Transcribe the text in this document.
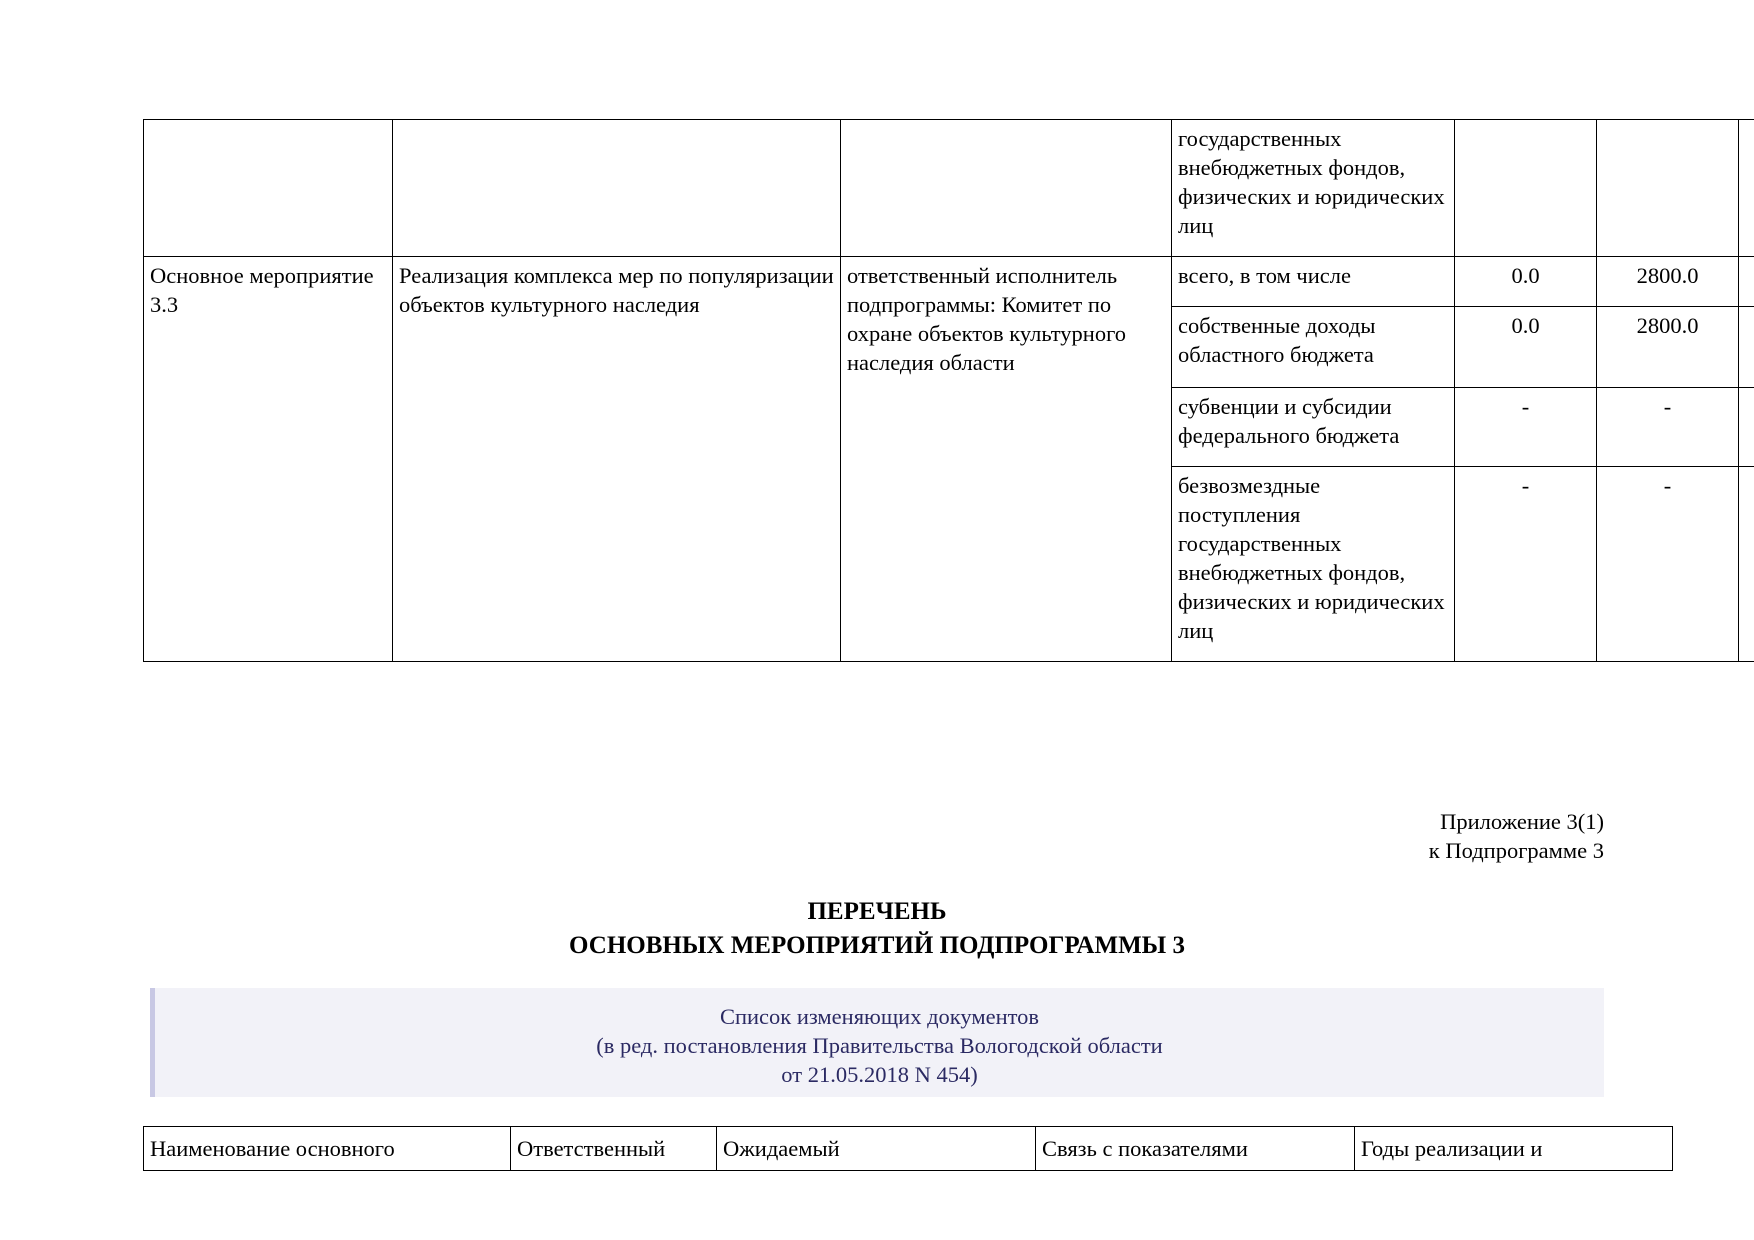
			государственных внебюджетных фондов, физических и юридических лиц			
Основное мероприятие 3.3	Реализация комплекса мер по популяризации объектов культурного наследия	ответственный исполнитель подпрограммы: Комитет по охране объектов культурного наследия области	всего, в том числе	0.0	2800.0	
			собственные доходы областного бюджета	0.0	2800.0	
			субвенции и субсидии федерального бюджета	-	-	
			безвозмездные поступления государственных внебюджетных фондов, физических и юридических лиц	-	-	
Приложение 3(1)
к Подпрограмме 3
ПЕРЕЧЕНЬ
ОСНОВНЫХ МЕРОПРИЯТИЙ ПОДПРОГРАММЫ 3
Список изменяющих документов
(в ред. постановления Правительства Вологодской области
от 21.05.2018 N 454)
Наименование основного	Ответственный	Ожидаемый	Связь с показателями	Годы реализации и
